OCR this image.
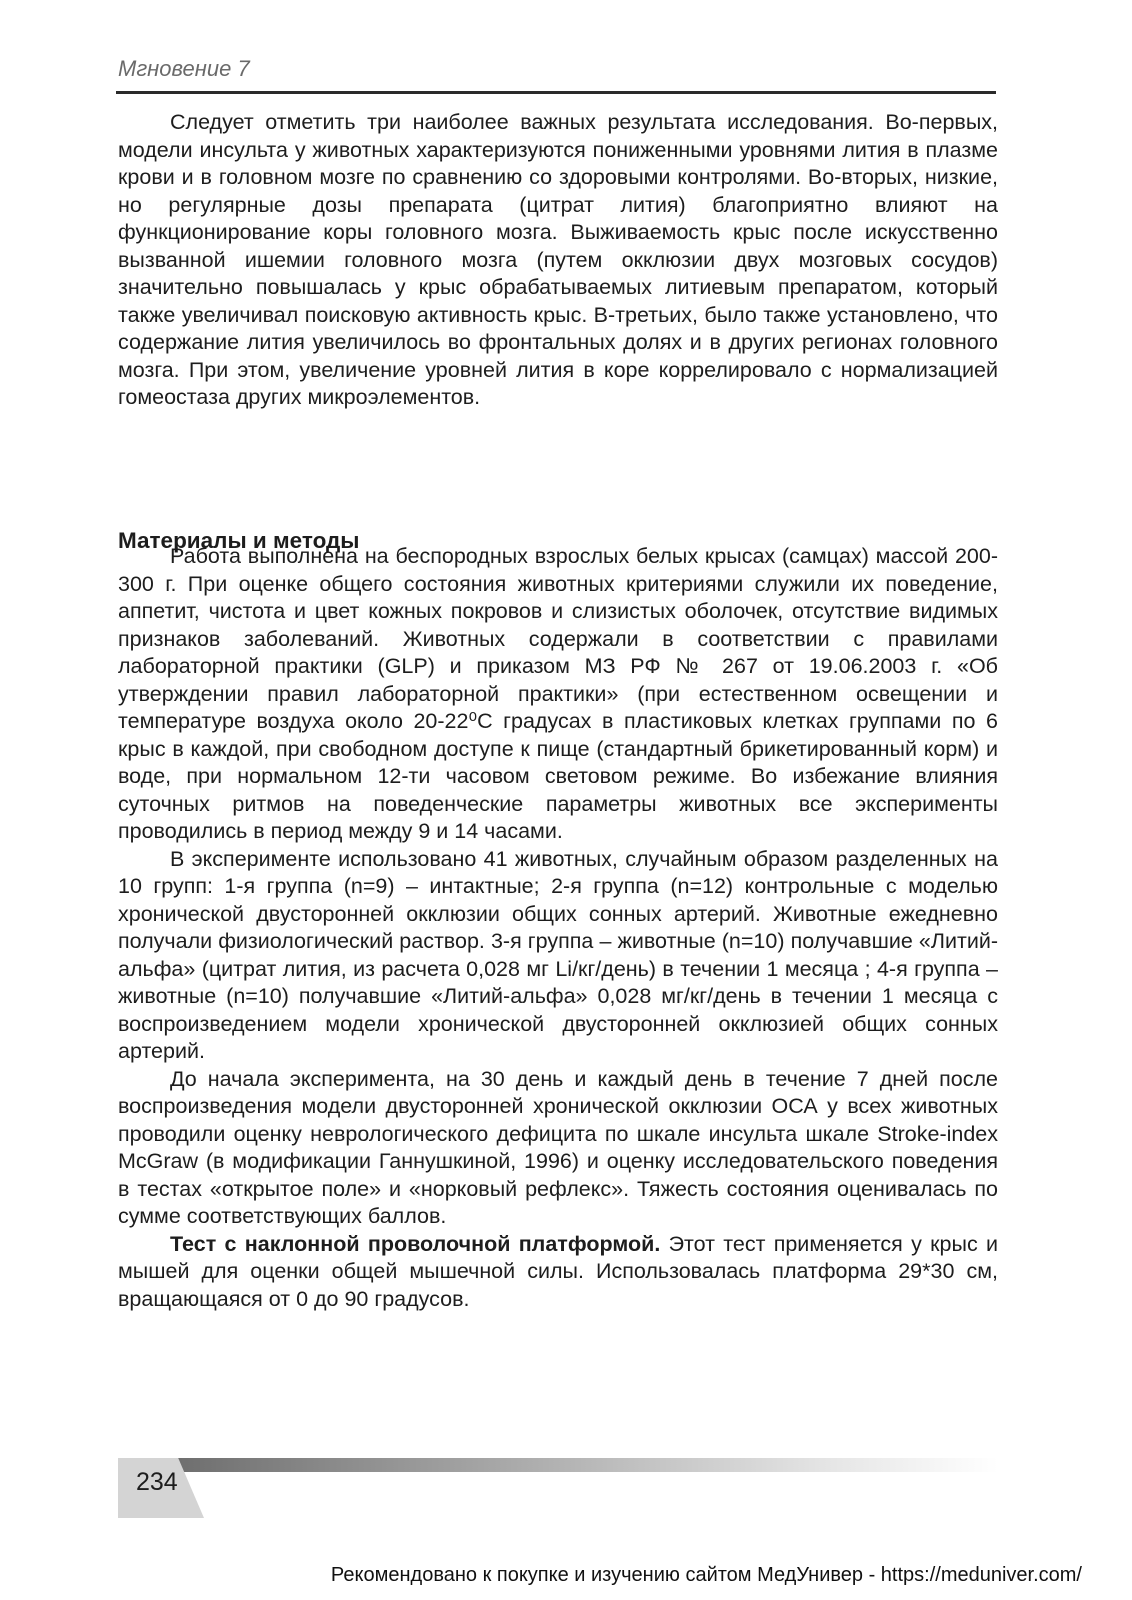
Мгновение 7

Следует отметить три наиболее важных результата исследования. Во-первых, модели инсульта у животных характеризуются пониженными уровнями лития в плазме крови и в головном мозге по сравнению со здоровыми контролями. Во-вторых, низкие, но регулярные дозы препарата (цитрат лития) благоприятно влияют на функционирование коры головного мозга. Выживаемость крыс после искусственно вызванной ишемии головного мозга (путем окклюзии двух мозговых сосудов) значительно повышалась у крыс обрабатываемых литиевым препаратом, который также увеличивал поисковую активность крыс. В-третьих, было также установлено, что содержание лития увеличилось во фронтальных долях и в других регионах головного мозга. При этом, увеличение уровней лития в коре коррелировало с нормализацией гомеостаза других микроэлементов.

Материалы и методы

Работа выполнена на беспородных взрослых белых крысах (самцах) массой 200-300 г. При оценке общего состояния животных критериями служили их поведение, аппетит, чистота и цвет кожных покровов и слизистых оболочек, отсутствие видимых признаков заболеваний. Животных содержали в соответствии с правилами лабораторной практики (GLP) и приказом МЗ РФ № 267 от 19.06.2003 г. «Об утверждении правил лабораторной практики» (при естественном освещении и температуре воздуха около 20-22⁰С градусах в пластиковых клетках группами по 6 крыс в каждой, при свободном доступе к пище (стандартный брикетированный корм) и воде, при нормальном 12-ти часовом световом режиме. Во избежание влияния суточных ритмов на поведенческие параметры животных все эксперименты проводились в период между 9 и 14 часами.

В эксперименте использовано 41 животных, случайным образом разделенных на 10 групп: 1-я группа (n=9) – интактные; 2-я группа (n=12) контрольные с моделью хронической двусторонней окклюзии общих сонных артерий. Животные ежедневно получали физиологический раствор. 3-я группа – животные (n=10) получавшие «Литий-альфа» (цитрат лития, из расчета 0,028 мг Li/кг/день) в течении 1 месяца ; 4-я группа – животные (n=10) получавшие «Литий-альфа» 0,028 мг/кг/день в течении 1 месяца с воспроизведением модели хронической двусторонней окклюзией общих сонных артерий.

До начала эксперимента, на 30 день и каждый день в течение 7 дней после воспроизведения модели двусторонней хронической окклюзии ОСА у всех животных проводили оценку неврологического дефицита по шкале инсульта шкале Stroke-index McGraw (в модификации Ганнушкиной, 1996) и оценку исследовательского поведения в тестах «открытое поле» и «норковый рефлекс». Тяжесть состояния оценивалась по сумме соответствующих баллов.

Тест с наклонной проволочной платформой. Этот тест применяется у крыс и мышей для оценки общей мышечной силы. Использовалась платформа 29*30 см, вращающаяся от 0 до 90 градусов.

234
Рекомендовано к покупке и изучению сайтом МедУнивер - https://meduniver.com/
